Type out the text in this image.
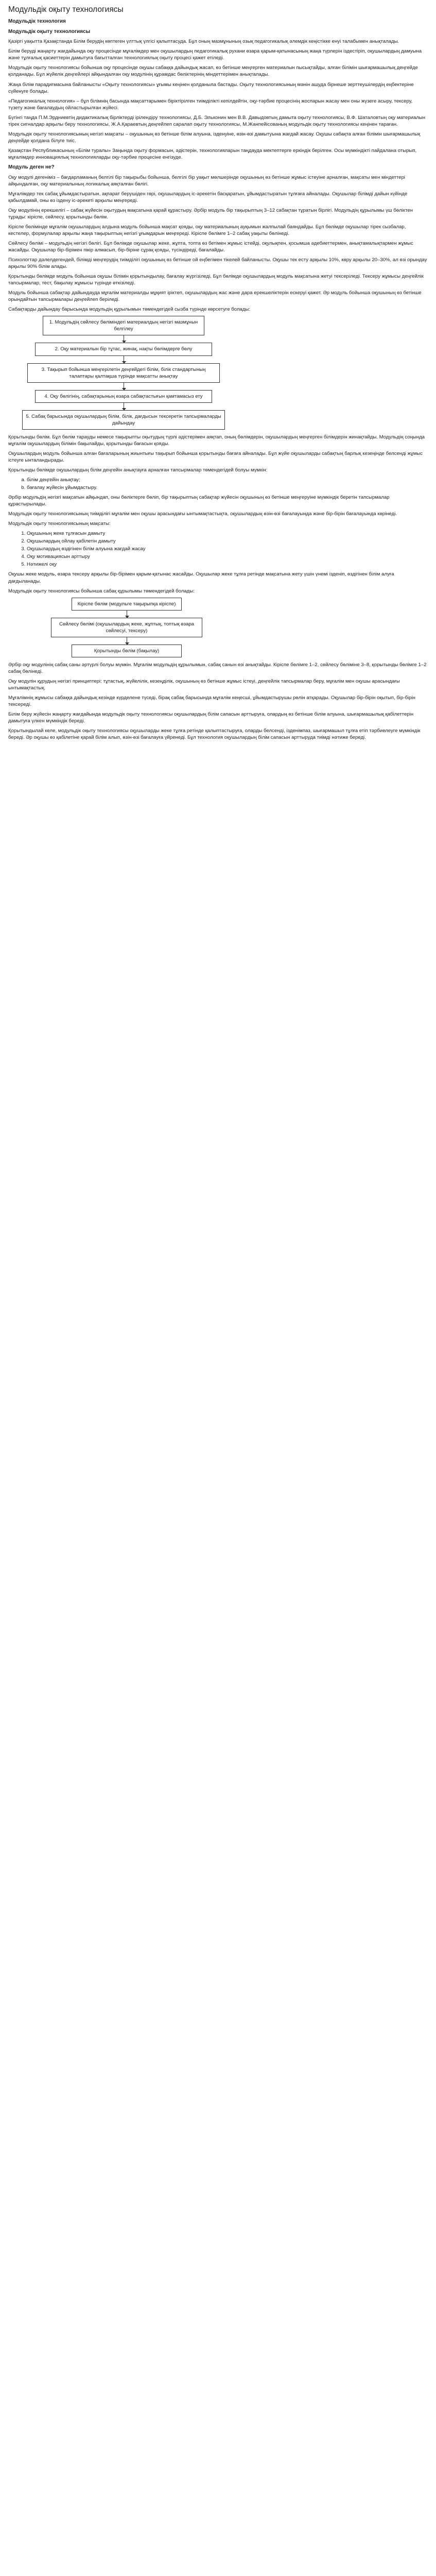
Модульдік оқыту технологиясы
Модульдік технология
Модульдік оқыту технологиясы

Қазіргі уақытта Қазақстанда Білім берудің көптеген үлттық үлгісі қалыптасуда. Бұл оның мазмұнының озық педагогикалық әлемдік кеңістікке енуі талабымен анықталады.

Білім беруді жаңарту жағдайында оқу процесінде мұғалімдер мен оқушылардың педагогикалық рухани өзара қарым-қатынасының жаңа түрлерін іздестіріп, оқушылардың дамуына және тұлғалық қасиеттерін дамытуға бағытталған технологиялық оқыту процесі қажет етіледі.

Модульдік оқыту технологиясы бойынша оқу процесінде оқушы сабаққа дайындық жасап, өз бетінше меңгерген материалын пысықтайды, алған білімін шығармашылық деңгейде қолданады. Бұл жүйелік деңгейлері айқындалған оқу модулінің құрамдас бөліктерінің міндеттерімен анықталады.

Жаңа білім парадигмасына байланысты «Оқыту технологиясы» ұғымы кеңінен қолданыла бастады. Оқыту технологиясының мәнін ашуда бірнеше зерттеушілердің еңбектеріне сүйенуге болады.

«Педагогикалық технология» – бұл білімнің басында мақсаттарымен біріктірілген тиімділікті кепілдейтін, оқу-тәрбие процесінің жоспарын жасау мен оны жүзеге асыру, тексеру, түзету және бағалаудың ойластырылған жүйесі.

Бүгінгі таңда П.М.Эрдниевтің дидактикалық бірліктерді ірілендіру технологиясы, Д.Б. Эльконин мен В.В. Давыдовтың дамыта оқыту технологиясы, В.Ф. Шаталовтың оқу материалын тірек сигналдар арқылы беру технологиясы, Ж.А.Қараевтың деңгейлеп саралап оқыту технологиясы, М.Жанпейісованың модульдік оқыту технологиясы кеңінен тараған.

Модульдік оқыту технологиясының негізгі мақсаты – оқушының өз бетінше білім алуына, ізденуіне, өзін-өзі дамытуына жағдай жасау. Оқушы сабақта алған білімін шығармашылық деңгейде қолдана білуге тиіс.

Қазақстан Республикасының «Білім туралы» Заңында оқыту формасын, әдістерін, технологияларын таңдауда мектептерге еркіндік берілген. Осы мүмкіндікті пайдалана отырып, мұғалімдер инновациялық технологияларды оқу-тәрбие процесіне енгізуде.

Модуль деген не?

Оқу модулі дегеніміз – бағдарламаның белгілі бір тақырыбы бойынша, белгілі бір уақыт мөлшерінде оқушының өз бетінше жұмыс істеуіне арналған, мақсаты мен міндеттері айқындалған, оқу материалының логикалық аяқталған бөлігі.

Мұғалімдер тек сабақ ұйымдастыратын, ақпарат берушіден гөрі, оқушылардың іс-әрекетін басқаратын, ұйымдастыратын тұлғаға айналады. Оқушылар білімді дайын күйінде қабылдамай, оны өз іздену іс-әрекеті арқылы меңгереді.

Оқу модулінің ерекшелігі – сабақ жүйесін оқытудың мақсатына қарай құрастыру. Әрбір модуль бір тақырыптың 3–12 сабақтан тұратын бірлігі. Модульдің құрылымы үш бөліктен тұрады: кіріспе, сөйлесу, қорытынды бөлім.

Кіріспе бөлімінде мұғалім оқушылардың алдына модуль бойынша мақсат қояды, оқу материалының ауқымын жалпылай баяндайды. Бұл бөлімде оқушылар тірек сызбалар, кестелер, формулалар арқылы жаңа тақырыптың негізгі ұғымдарын меңгереді. Кіріспе бөлімге 1–2 сабақ уақыты бөлінеді.

Сөйлесу бөлімі – модульдің негізгі бөлігі. Бұл бөлімде оқушылар жеке, жұпта, топта өз бетімен жұмыс істейді, оқулықпен, қосымша әдебиеттермен, анықтамалықтармен жұмыс жасайды. Оқушылар бір-бірімен пікір алмасып, бір-біріне сұрақ қояды, түсіндіреді, бағалайды.

Психологтар дәлелдегендей, білімді меңгерудің тиімділігі оқушының өз бетінше ой еңбегімен тікелей байланысты. Оқушы тек есту арқылы 10%, көру арқылы 20–30%, ал өзі орындау арқылы 90% білім алады.

Қорытынды бөлімде модуль бойынша оқушы білімін қорытындылау, бағалау жүргізіледі. Бұл бөлімде оқушылардың модуль мақсатына жетуі тексеріледі. Тексеру жұмысы деңгейлік тапсырмалар, тест, бақылау жұмысы түрінде өткізіледі.

Модуль бойынша сабақтар дайындауда мұғалім материалды мұқият іріктеп, оқушылардың жас және дара ерекшеліктерін ескеруі қажет. Әр модуль бойынша оқушының өз бетінше орындайтын тапсырмалары деңгейлеп беріледі.

Сабақтарды дайындау барысында модульдің құрылымын төмендегідей сызба түрінде көрсетуге болады:

1. Модульдің сөйлесу бөліміндегі материалдың негізгі мазмұнын белгілеу
2. Оқу материалын бір тұтас, жинақ, нақты бөлімдерге бөлу
3. Тақырып бойынша меңгерілетін деңгейдегі білім, білік стандартының талаптары қалтақша түрінде мақсатты анықтау
4. Оқу бөлігінің, сабақтарының өзара сабақтастығын қамтамасыз ету
5. Сабақ барысында оқушылардың білім, білік, дағдысын тексеретін тапсырмаларды дайындау

Қорытынды бөлім. Бұл бөлім тарауды немесе тақырыпты оқытудың түрлі әдістерімен аяқтап, оның бөлімдерін, оқушылардың меңгерген білімдерін жинақтайды. Модульдің соңында мұғалім оқушылардың білімін бақылайды, қорытынды бағасын қояды.

Оқушылардың модуль бойынша алған бағаларының жиынтығы тақырып бойынша қорытынды бағаға айналады. Бұл жүйе оқушыларды сабақтың барлық кезеңінде белсенді жұмыс істеуге ынталандырады.

Қорытынды бөлімде оқушылардың білім деңгейін анықтауға арналған тапсырмалар төмендегідей болуы мүмкін:

a. білім деңгейін анықтау;
b. бағалау жүйесін ұйымдастыру.

Әрбір модульдің негізгі мақсатын айқындап, оны бөліктерге бөліп, бір тақырыптың сабақтар жүйесін оқушының өз бетінше меңгеруіне мүмкіндік беретін тапсырмалар құрастырылады.

Модульдік оқыту технологиясының тиімділігі мұғалім мен оқушы арасындағы ынтымақтастықта, оқушылардың өзін-өзі бағалауында және бір-бірін бағалауында көрінеді.

Модульдік оқыту технологиясының мақсаты:

1. Оқушының жеке тұлғасын дамыту
2. Оқушылардың ойлау қабілетін дамыту
3. Оқушылардың өздігінен білім алуына жағдай жасау
4. Оқу мотивациясын арттыру
5. Нәтижелі оқу

Оқушы жеке модуль, өзара тексеру арқылы бір-бірімен қарым-қатынас жасайды. Оқушылар жеке тұлға ретінде мақсатына жету үшін үнемі ізденіп, өздігінен білім алуға дағдыланады.

Модульдік оқыту технологиясы бойынша сабақ құрылымы төмендегідей болады:

Кіріспе бөлім (модульгe тақырыпқа кіріспе)
Сөйлесу бөлімі (оқушылардың жеке, жұптық, топтық өзара сөйлесуі, тексеру)
Қорытынды бөлім (бақылау)

Әрбір оқу модулінің сабақ саны әртүрлі болуы мүмкін. Мұғалім модульдің құрылымын, сабақ санын өзі анықтайды. Кіріспе бөлімге 1–2, сөйлесу бөліміне 3–8, қорытынды бөлімге 1–2 сабақ бөлінеді.

Оқу модулін құрудың негізгі принциптері: тұтастық, жүйелілік, кезеңділік, оқушының өз бетінше жұмыс істеуі, деңгейлік тапсырмалар беру, мұғалім мен оқушы арасындағы ынтымақтастық.

Мұғалімнің жұмысы сабаққа дайындық кезінде күрделене түседі, бірақ сабақ барысында мұғалім кеңесші, ұйымдастырушы рөлін атқарады. Оқушылар бір-бірін оқытып, бір-бірін тексереді.

Білім беру жүйесін жаңарту жағдайында модульдік оқыту технологиясы оқушылардың білім сапасын арттыруға, олардың өз бетінше білім алуына, шығармашылық қабілеттерін дамытуға үлкен мүмкіндік береді.

Қорытындылай келе, модульдік оқыту технологиясы оқушыларды жеке тұлға ретінде қалыптастыруға, оларды белсенді, ізденімпаз, шығармашыл тұлға етіп тәрбиелеуге мүмкіндік береді. Әр оқушы өз қабілетіне қарай білім алып, өзін-өзі бағалауға үйренеді. Бұл технология оқушылардың білім сапасын арттыруда тиімді нәтиже береді.
